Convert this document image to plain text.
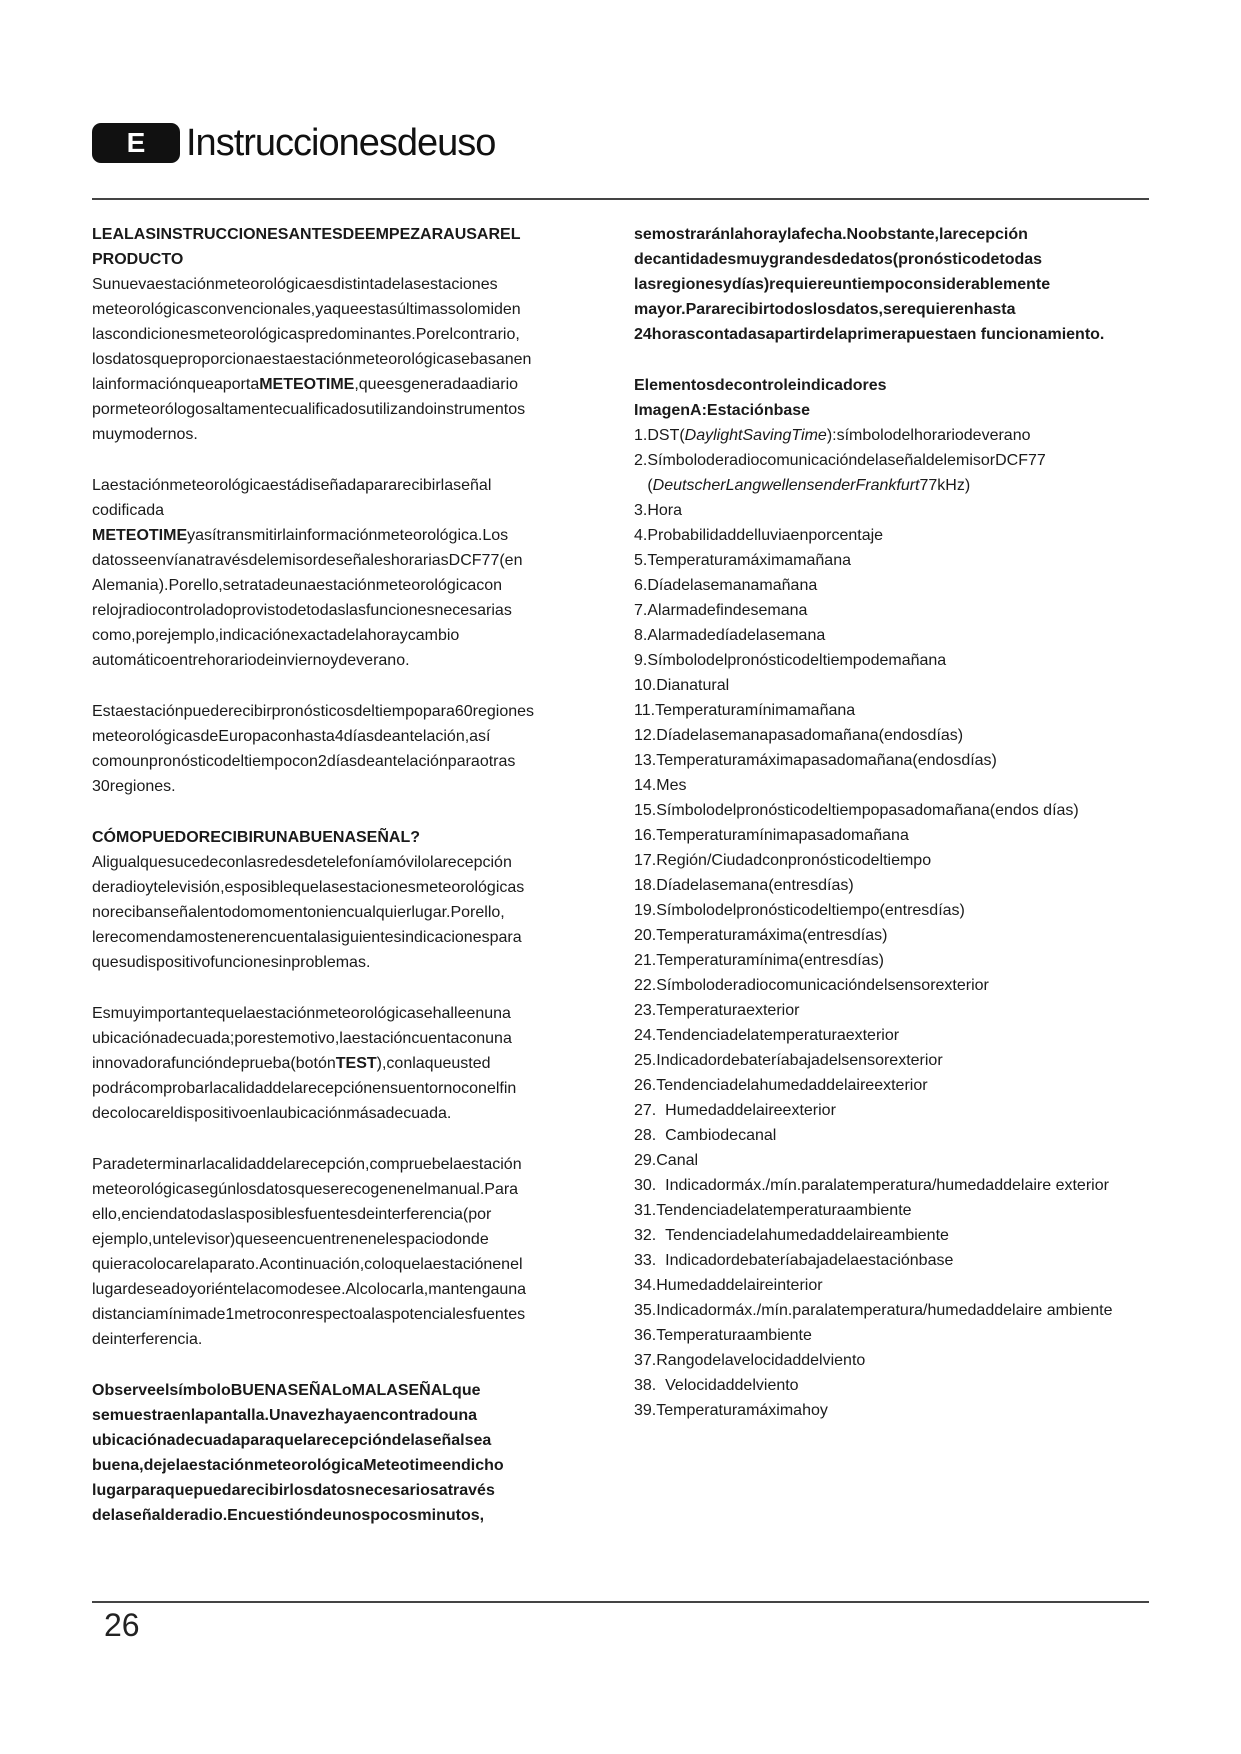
E	Instruccionesdeuso
LEALASINSTRUCCIONESANTESDEEMPEZARAUSAREL PRODUCTO

Sunuevaestaciónmeteorológicaesdistintadelasestaciones meteorológicasconvencionales,yaqueestasúltimassolomiden lascondicionesmeteorológicaspredominantes.Porelcontrario, losdatosqueproporcionaestaestaciónmeteorológicasebasanen lainformaciónqueaportaMETEOTIME,queesgeneradaadiario pormeteorólogosaltamentecualificadosutilizandoinstrumentos muymodernos.

Laestaciónmeteorológicaestádiseñadapararecibirlaseñal codificada METEOTIMEyasítransmitirlainformaciónmeteorológica.Los datosseenvíanatravésdelemisordeseñaleshorariasDCF77(en Alemania).Porello,setratadeunaestaciónmeteorológicacon relojradiocontroladoprovistodetodaslasfuncionesnecesarias como,porejemplo,indicaciónexactadelahoraycambio automáticoentrehorariodeinviernoydeverano.

Estaestaciónpuederecibirpronósticosdeltiempopara60regiones meteorológicasdeEuropaconhasta4díasdeantelación,así comounpronósticodeltiempocon2díasdeantelaciónparaotras 30regiones.

CÓMOPUEDORECIBIRUNABUENASEÑAL?

Aligualquesucedeconlasredesdetelefoníamóvilolarecepción deradioytelevisión,esposiblequelasestacionesmeteorológicas norecibanseñalentodomomentoniencualquierlugar.Porello, lerecomendamostenerencuentalasiguientesindicacionespara quesudispositivofuncionesinproblemas.

Esmuyimportantequelaestaciónmeteorológicasehalleenuna ubicaciónadecuada;porestemotivo,laestacióncuentaconuna innovadorafuncióndeprueba(botónTEST),conlaqueusted podrácomprobarlacalidaddelarecepciónensuentornoconelfin decolocareldispositivoenlaubicaciónmásadecuada.

Paradeterminarlacalidaddelarecepción,compruebelaestación meteorológicasegúnlosdatosqueserecogenenelmanual.Para ello,enciendatodaslasposiblesfuentesdeinterferencia(por ejemplo,untelevisor)queseencuentrenenelespaciodonde quieracolocarelaparato.Acontinuación,coloquelaestaciónenel lugardeseadoyoriéntelacomodesee.Alcolocarla,mantengauna distanciamínimade1metroconrespectoalaspotencialesfuentes deinterferencia.

ObserveelsímboloBUENASEÑALoMALASEÑALque semuestraenlapantalla.Unavezhayaencontradouna ubicaciónadecuadaparaquelarecepcióndelaseñalsea buena,dejelaestaciónmeteorológicaMeteotimeendicho lugarparaquepuedarecibirlosdatosnecesariosatravés delaseñalderadio.Encuestióndeunospocosminutos,
semostraránlahoraylafecha.Noobstante,larecepción decantidadesmuygrandesdedatos(pronósticodetodas lasregionesydías)requiereuntiempoconsiderablemente mayor.Pararecibirtodoslosdatos,serequierenhasta 24horascontadasapartirdelaprimerapuestaen funcionamiento.
Elementosdecontroleindicadores
ImagenA:Estaciónbase
1. DST(DaylightSavingTime):símbolodelhorariodeverano
2. SímboloderadiocomunicacióndelaseñaldelemisorDCF77 (DeutscherLangwellensenderFrankfurt77kHz)
3. Hora
4. Probabilidaddelluviaenporcentaje
5. Temperaturamáximamañana
6. Díadelasemanamañana
7. Alarmadefindesemana
8. Alarmadedíadelasemana
9. Símbolodelpronósticodeltiempodemañana
10. Dianatural
11. Temperaturamínimamañana
12. Díadelasemanapasadomañana(endosdías)
13. Temperaturamáximapasadomañana(endosdías)
14. Mes
15. Símbolodelpronósticodeltiempopasadomañana(endos días)
16. Temperaturamínimapasadomañana
17. Región/Ciudadconpronósticodeltiempo
18. Díadelasemana(entresdías)
19. Símbolodelpronósticodeltiempo(entresdías)
20. Temperaturamáxima(entresdías)
21. Temperaturamínima(entresdías)
22. Símboloderadiocomunicacióndelsensorexterior
23. Temperaturaexterior
24. Tendenciadelatemperaturaexterior
25. Indicadordebateríabajadelsensorexterior
26. Tendenciadelahumedaddelaireexterior
27. Humedaddelaireexterior
28. Cambiodecanal
29. Canal
30. Indicadormáx./mín.paralatemperatura/humedaddelaire exterior
31. Tendenciadelatemperaturaambiente
32. Tendenciadelahumedaddelaireambiente
33. Indicadordebateríabajadelaestaciónbase
34. Humedaddelaireinterior
35. Indicadormáx./mín.paralatemperatura/humedaddelaire ambiente
36. Temperaturaambiente
37. Rangodelavelocidaddelviento
38. Velocidaddelviento
39. Temperaturamáximahoy
26
